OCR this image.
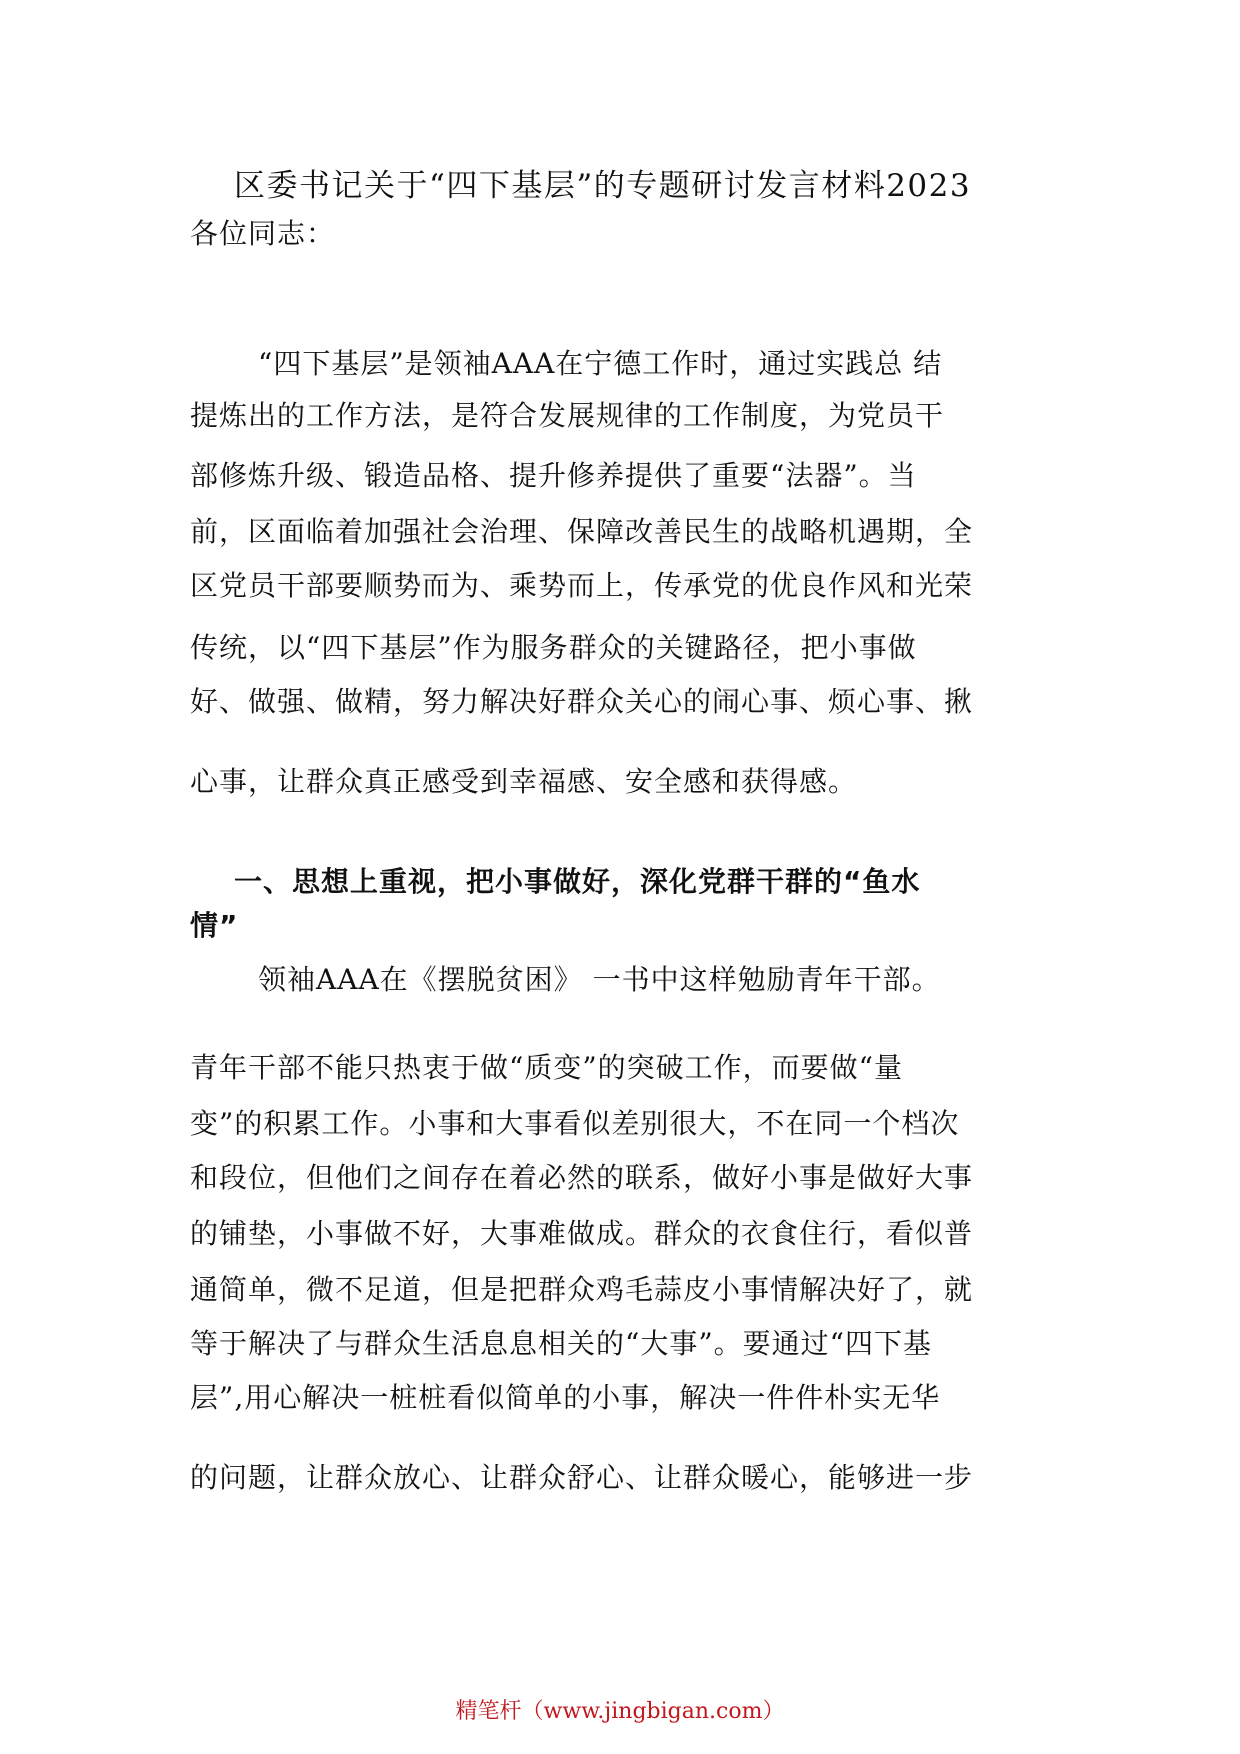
区委书记关于“四下基层”的专题研讨发言材料2023
各位同志：
“四下基层”是领袖AAA在宁德工作时，通过实践总 结
提炼出的工作方法，是符合发展规律的工作制度，为党员干
部修炼升级、锻造品格、提升修养提供了重要“法器”。当
前，区面临着加强社会治理、保障改善民生的战略机遇期，全
区党员干部要顺势而为、乘势而上，传承党的优良作风和光荣
传统，以“四下基层”作为服务群众的关键路径，把小事做
好、做强、做精，努力解决好群众关心的闹心事、烦心事、揪
心事，让群众真正感受到幸福感、安全感和获得感。
一、思想上重视，把小事做好，深化党群干群的“鱼水
情”
领袖AAA在《摆脱贫困》 一书中这样勉励青年干部。
青年干部不能只热衷于做“质变”的突破工作，而要做“量
变”的积累工作。小事和大事看似差别很大，不在同一个档次
和段位，但他们之间存在着必然的联系，做好小事是做好大事
的铺垫，小事做不好，大事难做成。群众的衣食住行，看似普
通简单，微不足道，但是把群众鸡毛蒜皮小事情解决好了，就
等于解决了与群众生活息息相关的“大事”。要通过“四下基
层”,用心解决一桩桩看似简单的小事，解决一件件朴实无华
的问题，让群众放心、让群众舒心、让群众暖心，能够进一步
精笔杆（www.jingbigan.com）
